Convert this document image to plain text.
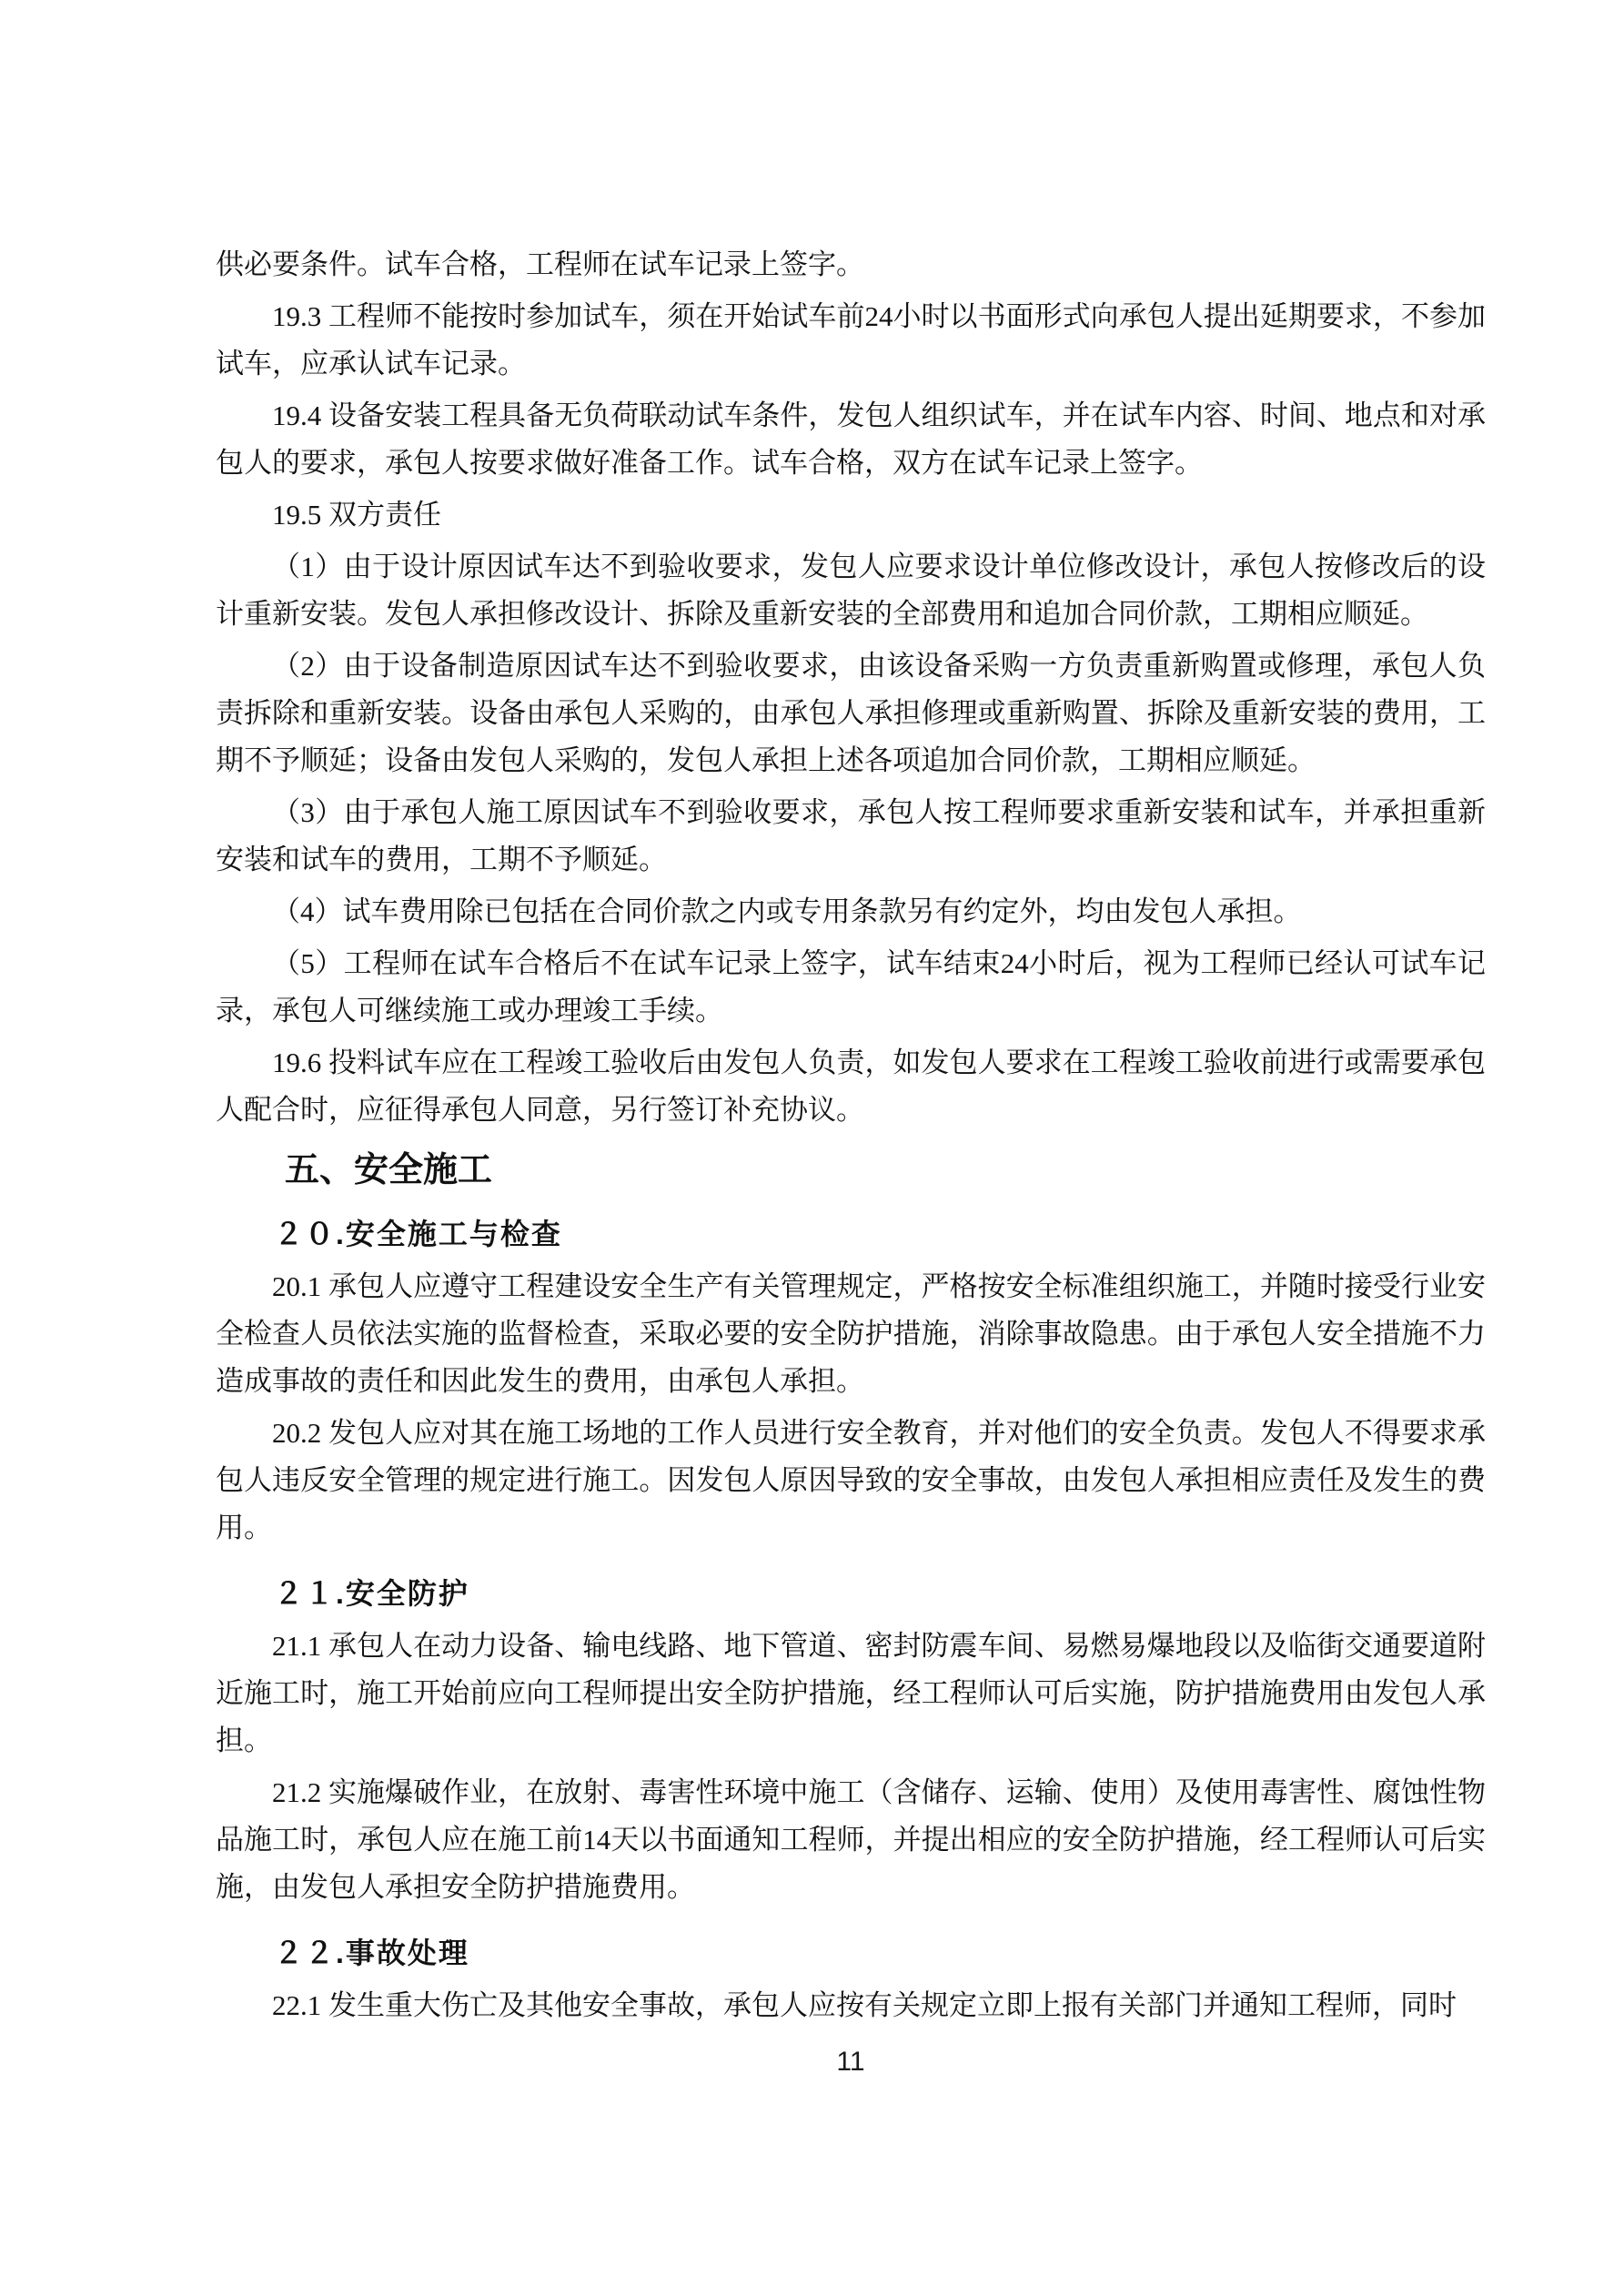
供必要条件。试车合格，工程师在试车记录上签字。

19.3 工程师不能按时参加试车，须在开始试车前24小时以书面形式向承包人提出延期要求，不参加试车，应承认试车记录。

19.4 设备安装工程具备无负荷联动试车条件，发包人组织试车，并在试车内容、时间、地点和对承包人的要求，承包人按要求做好准备工作。试车合格，双方在试车记录上签字。

19.5 双方责任

（1）由于设计原因试车达不到验收要求，发包人应要求设计单位修改设计，承包人按修改后的设计重新安装。发包人承担修改设计、拆除及重新安装的全部费用和追加合同价款，工期相应顺延。

（2）由于设备制造原因试车达不到验收要求，由该设备采购一方负责重新购置或修理，承包人负责拆除和重新安装。设备由承包人采购的，由承包人承担修理或重新购置、拆除及重新安装的费用，工期不予顺延；设备由发包人采购的，发包人承担上述各项追加合同价款，工期相应顺延。

（3）由于承包人施工原因试车不到验收要求，承包人按工程师要求重新安装和试车，并承担重新安装和试车的费用，工期不予顺延。

（4）试车费用除已包括在合同价款之内或专用条款另有约定外，均由发包人承担。

（5）工程师在试车合格后不在试车记录上签字，试车结束24小时后，视为工程师已经认可试车记录，承包人可继续施工或办理竣工手续。

19.6 投料试车应在工程竣工验收后由发包人负责，如发包人要求在工程竣工验收前进行或需要承包人配合时，应征得承包人同意，另行签订补充协议。

五、安全施工
２０.安全施工与检查

20.1 承包人应遵守工程建设安全生产有关管理规定，严格按安全标准组织施工，并随时接受行业安全检查人员依法实施的监督检查，采取必要的安全防护措施，消除事故隐患。由于承包人安全措施不力造成事故的责任和因此发生的费用，由承包人承担。

20.2 发包人应对其在施工场地的工作人员进行安全教育，并对他们的安全负责。发包人不得要求承包人违反安全管理的规定进行施工。因发包人原因导致的安全事故，由发包人承担相应责任及发生的费用。

２１.安全防护

21.1 承包人在动力设备、输电线路、地下管道、密封防震车间、易燃易爆地段以及临街交通要道附近施工时，施工开始前应向工程师提出安全防护措施，经工程师认可后实施，防护措施费用由发包人承担。

21.2 实施爆破作业，在放射、毒害性环境中施工（含储存、运输、使用）及使用毒害性、腐蚀性物品施工时，承包人应在施工前14天以书面通知工程师，并提出相应的安全防护措施，经工程师认可后实施，由发包人承担安全防护措施费用。

２２.事故处理

22.1 发生重大伤亡及其他安全事故，承包人应按有关规定立即上报有关部门并通知工程师，同时

11
